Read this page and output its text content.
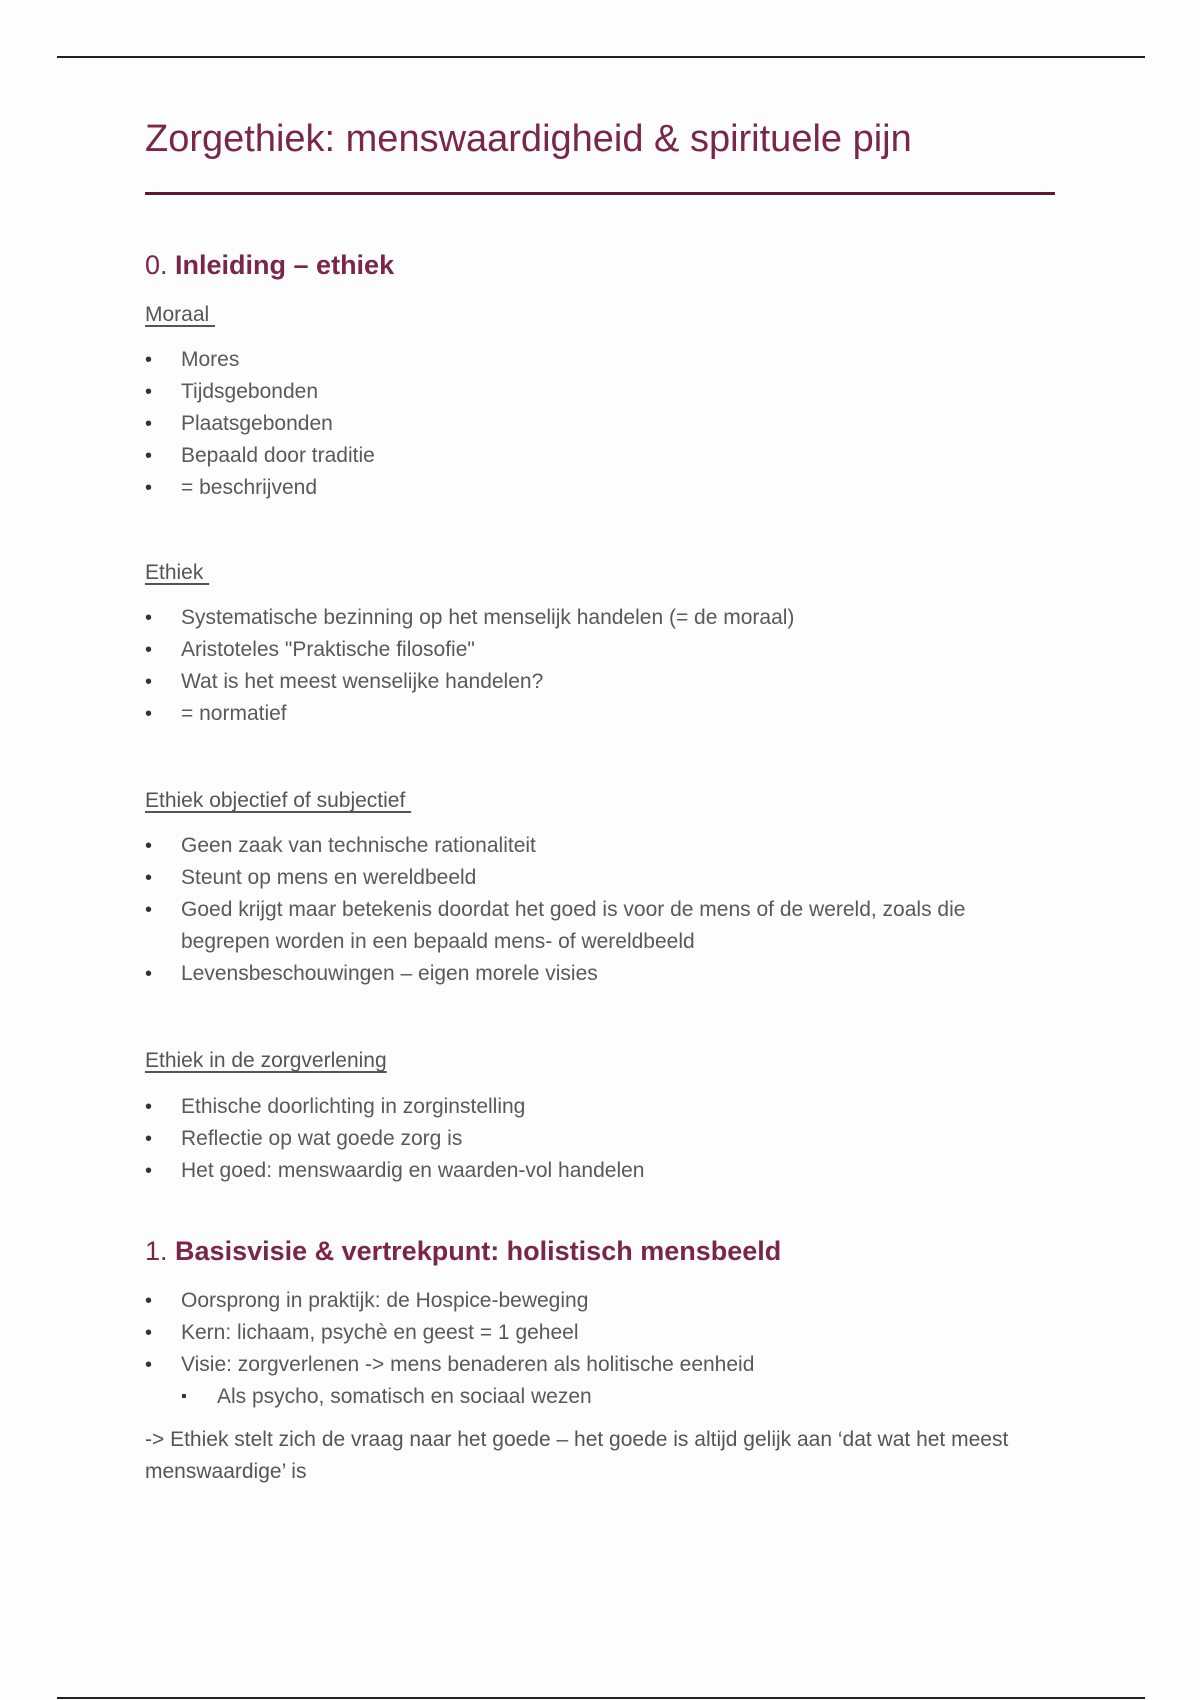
Zorgethiek: menswaardigheid & spirituele pijn
0. Inleiding – ethiek
Moraal
• Mores
• Tijdsgebonden
• Plaatsgebonden
• Bepaald door traditie
• = beschrijvend
Ethiek
• Systematische bezinning op het menselijk handelen (= de moraal)
• Aristoteles "Praktische filosofie"
• Wat is het meest wenselijke handelen?
• = normatief
Ethiek objectief of subjectief
• Geen zaak van technische rationaliteit
• Steunt op mens en wereldbeeld
• Goed krijgt maar betekenis doordat het goed is voor de mens of de wereld, zoals die begrepen worden in een bepaald mens- of wereldbeeld
• Levensbeschouwingen – eigen morele visies
Ethiek in de zorgverlening
• Ethische doorlichting in zorginstelling
• Reflectie op wat goede zorg is
• Het goed: menswaardig en waarden-vol handelen
1. Basisvisie & vertrekpunt: holistisch mensbeeld
• Oorsprong in praktijk: de Hospice-beweging
• Kern: lichaam, psychè en geest = 1 geheel
• Visie: zorgverlenen -> mens benaderen als holitische eenheid
▪ Als psycho, somatisch en sociaal wezen

-> Ethiek stelt zich de vraag naar het goede – het goede is altijd gelijk aan ‘dat wat het meest menswaardige’ is
